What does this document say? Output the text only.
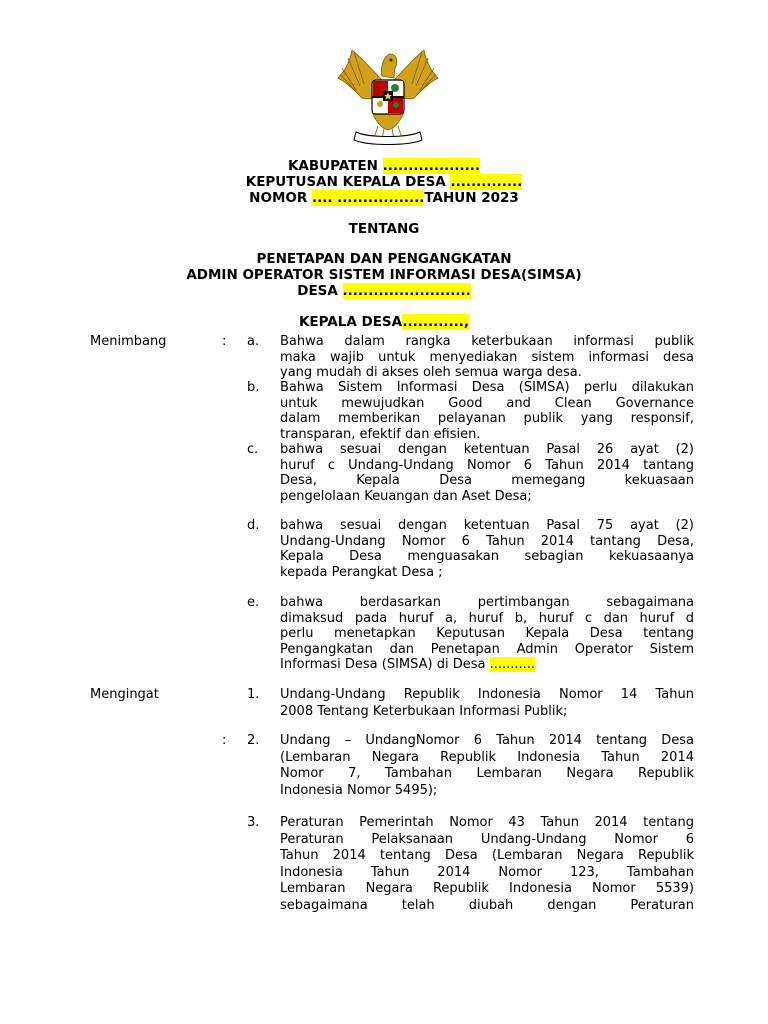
KABUPATEN ...................
KEPUTUSAN KEPALA DESA ..............
NOMOR .... .................TAHUN 2023
TENTANG
PENETAPAN DAN PENGANGKATAN
ADMIN OPERATOR SISTEM INFORMASI DESA(SIMSA)
DESA .........................
KEPALA DESA............,
Menimbang	: a. Bahwa dalam rangka keterbukaan informasi publik
maka wajib untuk menyediakan sistem informasi desa
yang mudah di akses oleh semua warga desa.
b. Bahwa Sistem Informasi Desa (SIMSA) perlu dilakukan
untuk mewujudkan Good and Clean Governance
dalam memberikan pelayanan publik yang responsif,
transparan, efektif dan efisien.
c. bahwa sesuai dengan ketentuan Pasal 26 ayat (2)
huruf c Undang-Undang Nomor 6 Tahun 2014 tantang
Desa, Kepala Desa memegang kekuasaan
pengelolaan Keuangan dan Aset Desa;
d. bahwa sesuai dengan ketentuan Pasal 75 ayat (2)
Undang-Undang Nomor 6 Tahun 2014 tantang Desa,
Kepala Desa menguasakan sebagian kekuasaanya
kepada Perangkat Desa ;
e. bahwa berdasarkan pertimbangan sebagaimana
dimaksud pada huruf a, huruf b, huruf c dan huruf d
perlu menetapkan Keputusan Kepala Desa tentang
Pengangkatan dan Penetapan Admin Operator Sistem
Informasi Desa (SIMSA) di Desa ...........
Mengingat	1. Undang-Undang Republik Indonesia Nomor 14 Tahun
2008 Tentang Keterbukaan Informasi Publik;
: 2. Undang – UndangNomor 6 Tahun 2014 tentang Desa
(Lembaran Negara Republik Indonesia Tahun 2014
Nomor 7, Tambahan Lembaran Negara Republik
Indonesia Nomor 5495);
3. Peraturan Pemerintah Nomor 43 Tahun 2014 tentang
Peraturan Pelaksanaan Undang-Undang Nomor 6
Tahun 2014 tentang Desa (Lembaran Negara Republik
Indonesia Tahun 2014 Nomor 123, Tambahan
Lembaran Negara Republik Indonesia Nomor 5539)
sebagaimana telah diubah dengan Peraturan
